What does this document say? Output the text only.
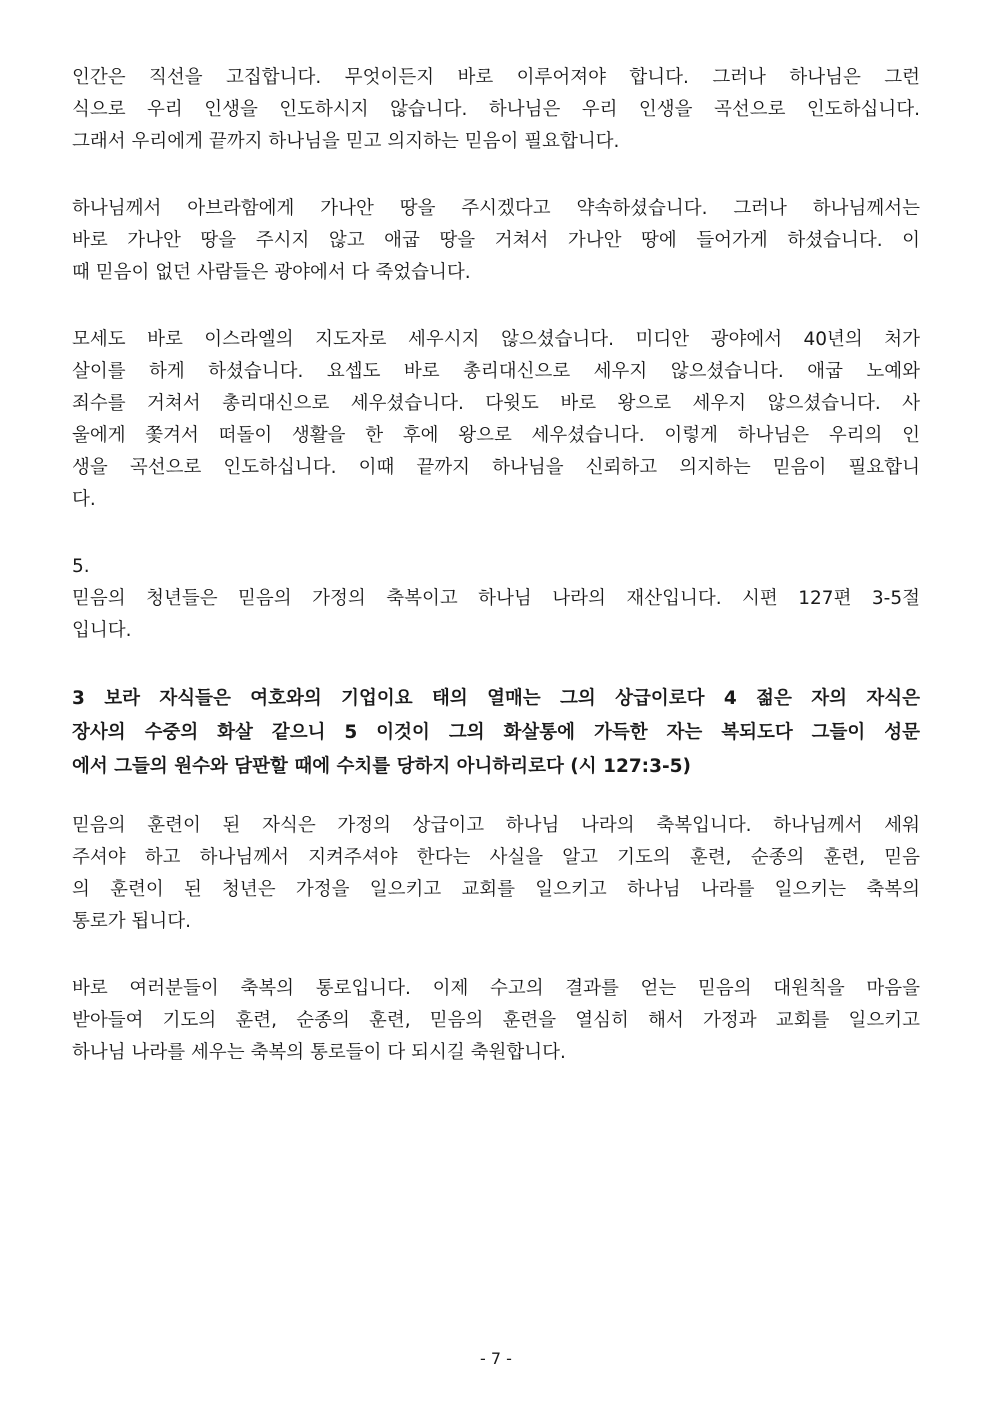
인간은 직선을 고집합니다. 무엇이든지 바로 이루어져야 합니다. 그러나 하나님은 그런
식으로 우리 인생을 인도하시지 않습니다. 하나님은 우리 인생을 곡선으로 인도하십니다.
그래서 우리에게 끝까지 하나님을 믿고 의지하는 믿음이 필요합니다.
하나님께서 아브라함에게 가나안 땅을 주시겠다고 약속하셨습니다. 그러나 하나님께서는
바로 가나안 땅을 주시지 않고 애굽 땅을 거쳐서 가나안 땅에 들어가게 하셨습니다. 이
때 믿음이 없던 사람들은 광야에서 다 죽었습니다.
모세도 바로 이스라엘의 지도자로 세우시지 않으셨습니다. 미디안 광야에서 40년의 처가
살이를 하게 하셨습니다. 요셉도 바로 총리대신으로 세우지 않으셨습니다. 애굽 노예와
죄수를 거쳐서 총리대신으로 세우셨습니다. 다윗도 바로 왕으로 세우지 않으셨습니다. 사
울에게 쫓겨서 떠돌이 생활을 한 후에 왕으로 세우셨습니다. 이렇게 하나님은 우리의 인
생을 곡선으로 인도하십니다. 이때 끝까지 하나님을 신뢰하고 의지하는 믿음이 필요합니
다.
5.
믿음의 청년들은 믿음의 가정의 축복이고 하나님 나라의 재산입니다. 시편 127편 3-5절
입니다.
3 보라 자식들은 여호와의 기업이요 태의 열매는 그의 상급이로다 4 젊은 자의 자식은
장사의 수중의 화살 같으니 5 이것이 그의 화살통에 가득한 자는 복되도다 그들이 성문
에서 그들의 원수와 담판할 때에 수치를 당하지 아니하리로다 (시 127:3-5)
믿음의 훈련이 된 자식은 가정의 상급이고 하나님 나라의 축복입니다. 하나님께서 세워
주셔야 하고 하나님께서 지켜주셔야 한다는 사실을 알고 기도의 훈련, 순종의 훈련, 믿음
의 훈련이 된 청년은 가정을 일으키고 교회를 일으키고 하나님 나라를 일으키는 축복의
통로가 됩니다.
바로 여러분들이 축복의 통로입니다. 이제 수고의 결과를 얻는 믿음의 대원칙을 마음을
받아들여 기도의 훈련, 순종의 훈련, 믿음의 훈련을 열심히 해서 가정과 교회를 일으키고
하나님 나라를 세우는 축복의 통로들이 다 되시길 축원합니다.
- 7 -
